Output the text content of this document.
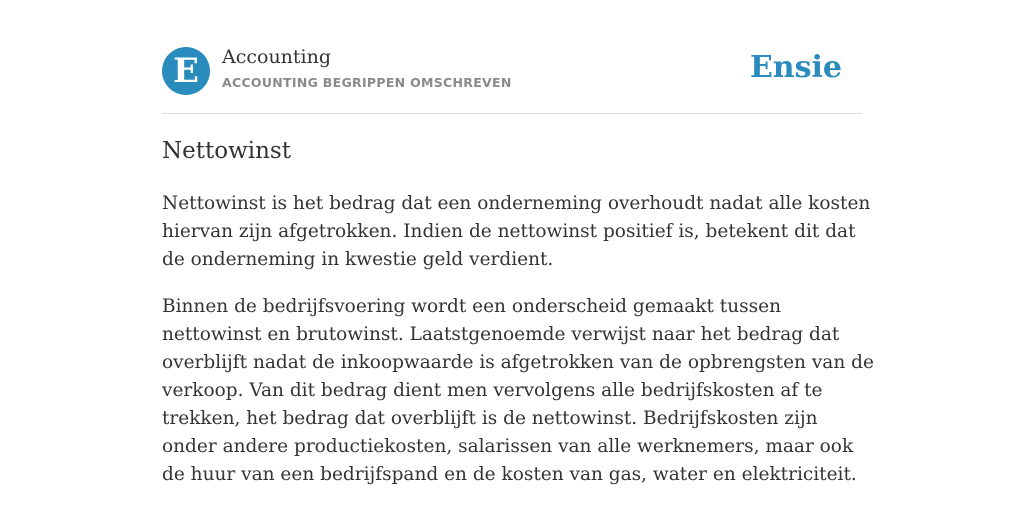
E	Accounting
ACCOUNTING BEGRIPPEN OMSCHREVEN	Ensie
Nettowinst

Nettowinst is het bedrag dat een onderneming overhoudt nadat alle kosten hiervan zijn afgetrokken. Indien de nettowinst positief is, betekent dit dat de onderneming in kwestie geld verdient.

Binnen de bedrijfsvoering wordt een onderscheid gemaakt tussen nettowinst en brutowinst. Laatstgenoemde verwijst naar het bedrag dat overblijft nadat de inkoopwaarde is afgetrokken van de opbrengsten van de verkoop. Van dit bedrag dient men vervolgens alle bedrijfskosten af te trekken, het bedrag dat overblijft is de nettowinst. Bedrijfskosten zijn onder andere productiekosten, salarissen van alle werknemers, maar ook de huur van een bedrijfspand en de kosten van gas, water en elektriciteit.
